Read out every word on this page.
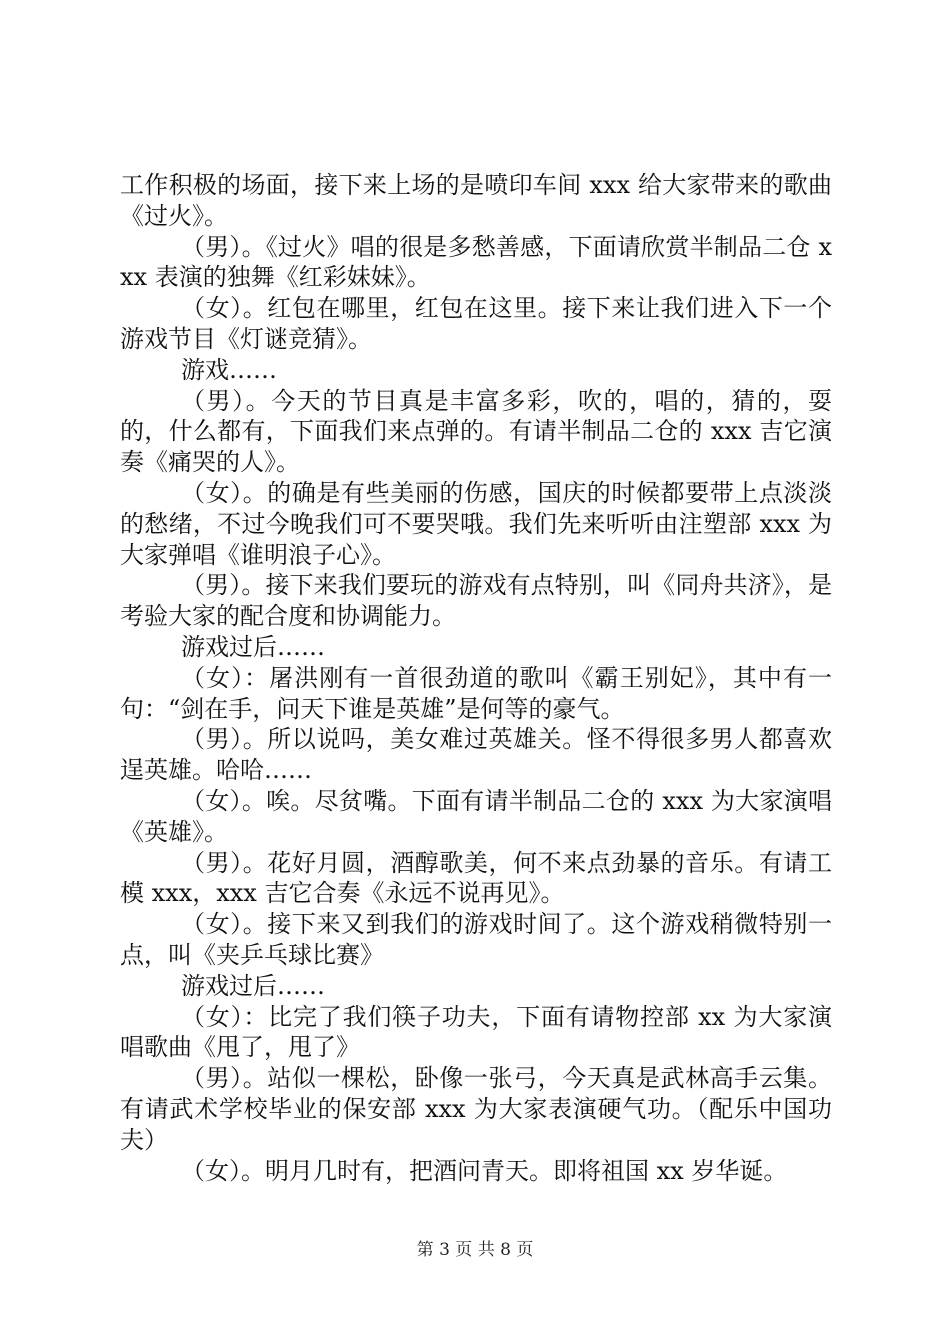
工作积极的场面，接下来上场的是喷印车间 xxx 给大家带来的歌曲《过火》。

（男）。《过火》唱的很是多愁善感，下面请欣赏半制品二仓 xxx 表演的独舞《红彩妹妹》。

（女）。红包在哪里，红包在这里。接下来让我们进入下一个游戏节目《灯谜竞猜》。

游戏……

（男）。今天的节目真是丰富多彩，吹的，唱的，猜的，耍的，什么都有，下面我们来点弹的。有请半制品二仓的 xxx 吉它演奏《痛哭的人》。

（女）。的确是有些美丽的伤感，国庆的时候都要带上点淡淡的愁绪，不过今晚我们可不要哭哦。我们先来听听由注塑部 xxx 为大家弹唱《谁明浪子心》。

（男）。接下来我们要玩的游戏有点特别，叫《同舟共济》，是考验大家的配合度和协调能力。

游戏过后……

（女）：屠洪刚有一首很劲道的歌叫《霸王别妃》，其中有一句：“剑在手，问天下谁是英雄”是何等的豪气。

（男）。所以说吗，美女难过英雄关。怪不得很多男人都喜欢逞英雄。哈哈……

（女）。唉。尽贫嘴。下面有请半制品二仓的 xxx 为大家演唱《英雄》。

（男）。花好月圆，酒醇歌美，何不来点劲暴的音乐。有请工模 xxx，xxx 吉它合奏《永远不说再见》。

（女）。接下来又到我们的游戏时间了。这个游戏稍微特别一点，叫《夹乒乓球比赛》

游戏过后……

（女）：比完了我们筷子功夫，下面有请物控部 xx 为大家演唱歌曲《甩了，甩了》

（男）。站似一棵松，卧像一张弓，今天真是武林高手云集。有请武术学校毕业的保安部 xxx 为大家表演硬气功。（配乐中国功夫）

（女）。明月几时有，把酒问青天。即将祖国 xx 岁华诞。

第 3 页 共 8 页
